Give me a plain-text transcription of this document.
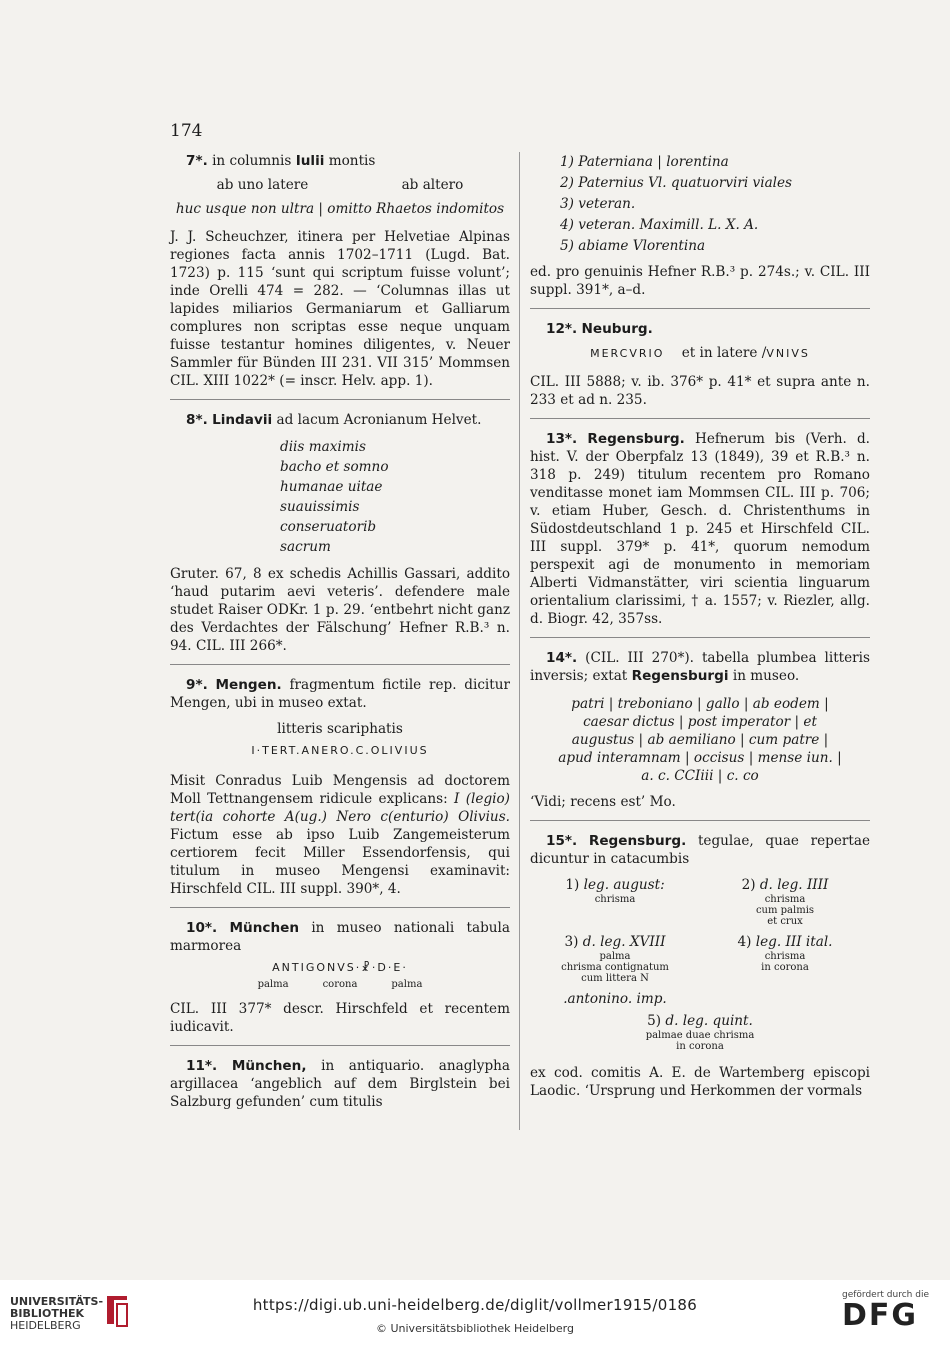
174

7*. in columnis Iulii montis

ab uno latere	ab altero

huc usque non ultra | omitto Rhaetos indomitos

J. J. Scheuchzer, itinera per Helvetiae Alpinas regiones facta annis 1702–1711 (Lugd. Bat. 1723) p. 115 ‘sunt qui scriptum fuisse volunt’; inde Orelli 474 = 282. — ‘Columnas illas ut lapides miliarios Germaniarum et Galliarum complures non scriptas esse neque unquam fuisse testantur homines diligentes, v. Neuer Sammler für Bünden III 231. VII 315’ Mommsen CIL. XIII 1022* (= inscr. Helv. app. 1).

8*. Lindavii ad lacum Acronianum Helvet.

diis maximis
bacho et somno
humanae uitae
suauissimis
conseruatorib
sacrum

Gruter. 67, 8 ex schedis Achillis Gassari, addito ‘haud putarim aevi veteris’. defendere male studet Raiser ODKr. 1 p. 29. ‘entbehrt nicht ganz des Verdachtes der Fälschung’ Hefner R.B.³ n. 94. CIL. III 266*.

9*. Mengen. fragmentum fictile rep. dicitur Mengen, ubi in museo extat.

litteris scariphatis

I·TERT.ANERO.C.OLIVIUS

Misit Conradus Luib Mengensis ad doctorem Moll Tettnangensem ridicule explicans: I (legio) tert(ia cohorte A(ug.) Nero c(enturio) Olivius. Fictum esse ab ipso Luib Zangemeisterum certiorem fecit Miller Essendorfensis, qui titulum in museo Mengensi examinavit: Hirschfeld CIL. III suppl. 390*, 4.

10*. München in museo nationali tabula marmorea

ANTIGONVS·☧·D·E·
palma	corona	palma

CIL. III 377* descr. Hirschfeld et recentem iudicavit.

11*. München, in antiquario. anaglypha argillacea ‘angeblich auf dem Birglstein bei Salzburg gefunden’ cum titulis

1) Paterniana | lorentina
2) Paternius Vl. quatuorviri viales
3) veteran.
4) veteran. Maximill. L. X. A.
5) abiame Vlorentina

ed. pro genuinis Hefner R.B.³ p. 274s.; v. CIL. III suppl. 391*, a–d.

12*. Neuburg.

MERCVRIO et in latere /VNIVS

CIL. III 5888; v. ib. 376* p. 41* et supra ante n. 233 et ad n. 235.

13*. Regensburg. Hefnerum bis (Verh. d. hist. V. der Oberpfalz 13 (1849), 39 et R.B.³ n. 318 p. 249) titulum recentem pro Romano venditasse monet iam Mommsen CIL. III p. 706; v. etiam Huber, Gesch. d. Christenthums in Südostdeutschland 1 p. 245 et Hirschfeld CIL. III suppl. 379* p. 41*, quorum nemodum perspexit agi de monumento in memoriam Alberti Vidmanstätter, viri scientia linguarum orientalium clarissimi, † a. 1557; v. Riezler, allg. d. Biogr. 42, 357ss.

14*. (CIL. III 270*). tabella plumbea litteris inversis; extat Regensburgi in museo.

patri | treboniano | gallo | ab eodem | caesar dictus | post imperator | et augustus | ab aemiliano | cum patre | apud interamnam | occisus | mense iun. | a. c. CCIiii | c. co

‘Vidi; recens est’ Mo.

15*. Regensburg. tegulae, quae repertae dicuntur in catacumbis

1) leg. august:
chrisma
2) d. leg. IIII
chrisma
cum palmis
et crux
3) d. leg. XVIII
palma
chrisma contignatum
cum littera N
.antonino. imp.
4) leg. III ital.
chrisma
in corona
5) d. leg. quint.
palmae duae chrisma
in corona

ex cod. comitis A. E. de Wartemberg episcopi Laodic. ‘Ursprung und Herkommen der vormals

UNIVERSITÄTS-
BIBLIOTHEK
HEIDELBERG
https://digi.ub.uni-heidelberg.de/diglit/vollmer1915/0186
© Universitätsbibliothek Heidelberg
gefördert durch die
DFG
